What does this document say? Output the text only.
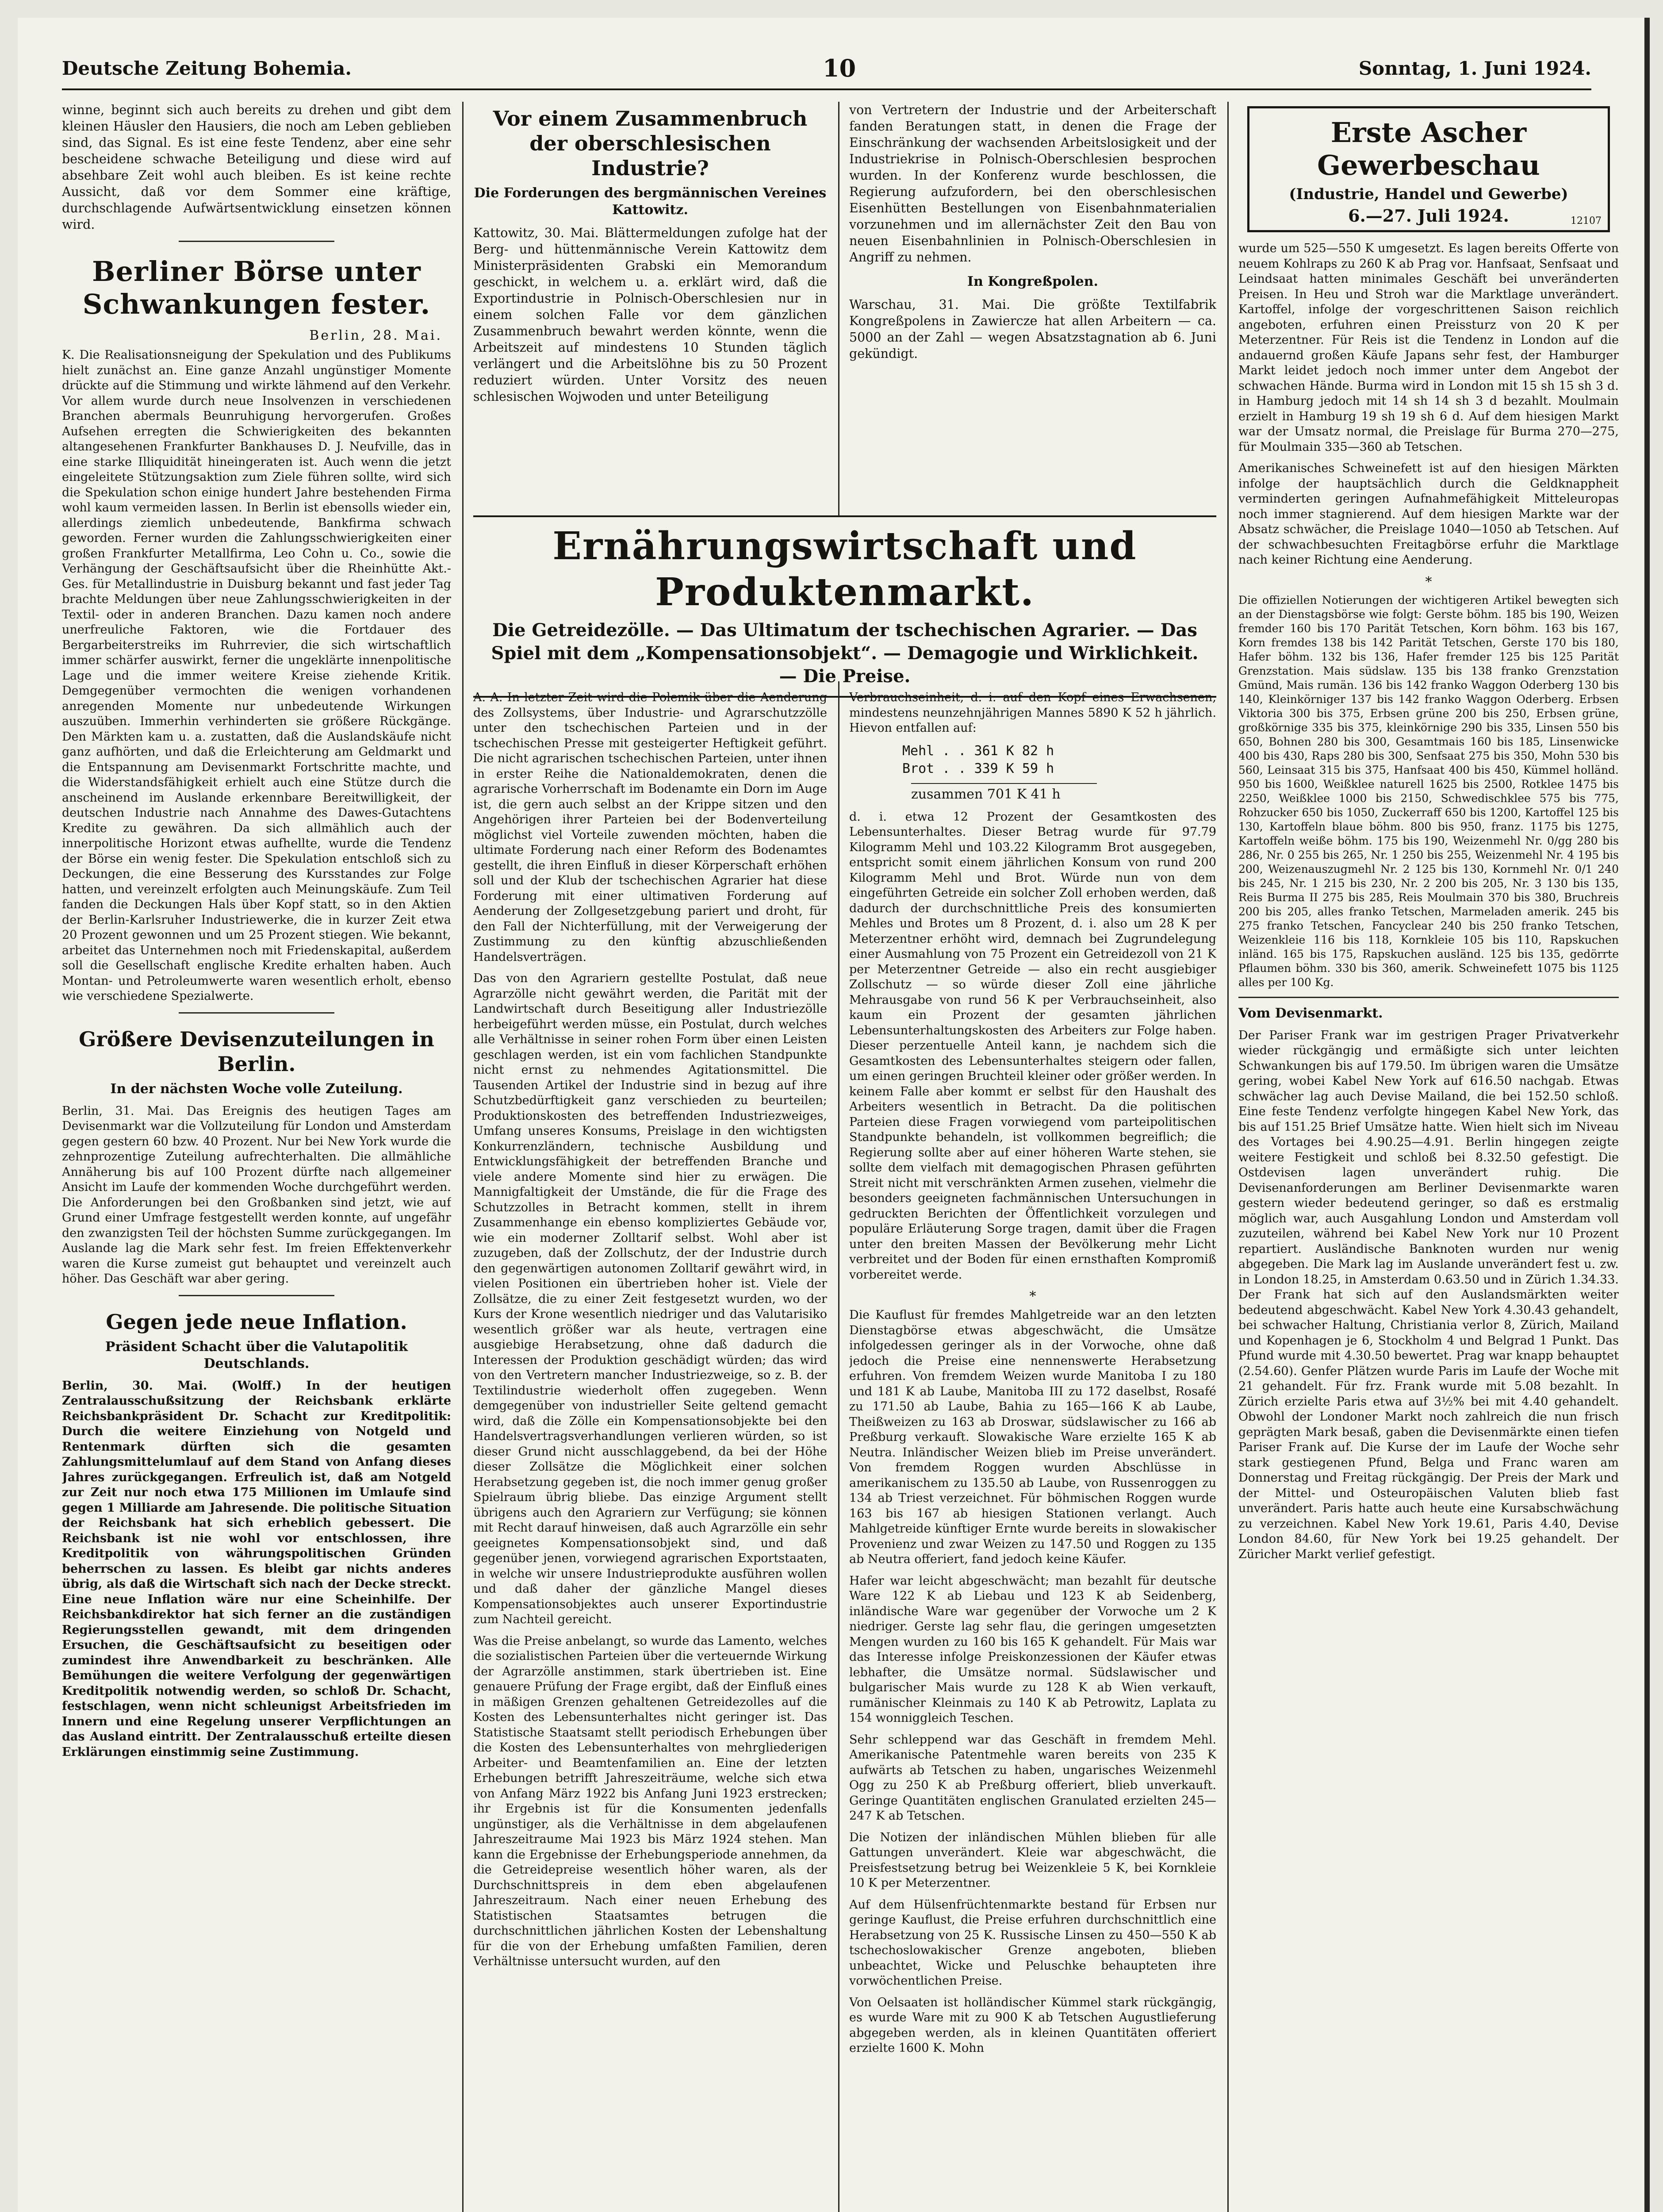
Deutsche Zeitung Bohemia.	10	Sonntag, 1. Juni 1924.

winne, beginnt sich auch bereits zu drehen und gibt dem kleinen Häusler den Hausiers, die noch am Leben geblieben sind, das Signal. Es ist eine feste Tendenz, aber eine sehr bescheidene schwache Beteiligung und diese wird auf absehbare Zeit wohl auch bleiben. Es ist keine rechte Aussicht, daß vor dem Sommer eine kräftige, durchschlagende Aufwärtsentwicklung einsetzen können wird.

Berliner Börse unter Schwankungen fester.
Berlin, 28. Mai.

K. Die Realisationsneigung der Spekulation und des Publikums hielt zunächst an. Eine ganze Anzahl ungünstiger Momente drückte auf die Stimmung und wirkte lähmend auf den Verkehr. Vor allem wurde durch neue Insolvenzen in verschiedenen Branchen abermals Beunruhigung hervorgerufen. Großes Aufsehen erregten die Schwierigkeiten des bekannten altangesehenen Frankfurter Bankhauses D. J. Neufville, das in eine starke Illiquidität hineingeraten ist. Auch wenn die jetzt eingeleitete Stützungsaktion zum Ziele führen sollte, wird sich die Spekulation schon einige hundert Jahre bestehenden Firma wohl kaum vermeiden lassen. In Berlin ist ebensolls wieder ein, allerdings ziemlich unbedeutende, Bankfirma schwach geworden. Ferner wurden die Zahlungsschwierigkeiten einer großen Frankfurter Metallfirma, Leo Cohn u. Co., sowie die Verhängung der Geschäftsaufsicht über die Rheinhütte Akt.-Ges. für Metallindustrie in Duisburg bekannt und fast jeder Tag brachte Meldungen über neue Zahlungsschwierigkeiten in der Textil- oder in anderen Branchen. Dazu kamen noch andere unerfreuliche Faktoren, wie die Fortdauer des Bergarbeiterstreiks im Ruhrrevier, die sich wirtschaftlich immer schärfer auswirkt, ferner die ungeklärte innenpolitische Lage und die immer weitere Kreise ziehende Kritik. Demgegenüber vermochten die wenigen vorhandenen anregenden Momente nur unbedeutende Wirkungen auszuüben. Immerhin verhinderten sie größere Rückgänge. Den Märkten kam u. a. zustatten, daß die Auslandskäufe nicht ganz aufhörten, und daß die Erleichterung am Geldmarkt und die Entspannung am Devisenmarkt Fortschritte machte, und die Widerstandsfähigkeit erhielt auch eine Stütze durch die anscheinend im Auslande erkennbare Bereitwilligkeit, der deutschen Industrie nach Annahme des Dawes-Gutachtens Kredite zu gewähren. Da sich allmählich auch der innerpolitische Horizont etwas aufhellte, wurde die Tendenz der Börse ein wenig fester. Die Spekulation entschloß sich zu Deckungen, die eine Besserung des Kursstandes zur Folge hatten, und vereinzelt erfolgten auch Meinungskäufe. Zum Teil fanden die Deckungen Hals über Kopf statt, so in den Aktien der Berlin-Karlsruher Industriewerke, die in kurzer Zeit etwa 20 Prozent gewonnen und um 25 Prozent stiegen. Wie bekannt, arbeitet das Unternehmen noch mit Friedenskapital, außerdem soll die Gesellschaft englische Kredite erhalten haben. Auch Montan- und Petroleumwerte waren wesentlich erholt, ebenso wie verschiedene Spezialwerte.

Größere Devisenzuteilungen in Berlin.
In der nächsten Woche volle Zuteilung.

Berlin, 31. Mai. Das Ereignis des heutigen Tages am Devisenmarkt war die Vollzuteilung für London und Amsterdam gegen gestern 60 bzw. 40 Prozent. Nur bei New York wurde die zehnprozentige Zuteilung aufrechterhalten. Die allmähliche Annäherung bis auf 100 Prozent dürfte nach allgemeiner Ansicht im Laufe der kommenden Woche durchgeführt werden. Die Anforderungen bei den Großbanken sind jetzt, wie auf Grund einer Umfrage festgestellt werden konnte, auf ungefähr den zwanzigsten Teil der höchsten Summe zurückgegangen. Im Auslande lag die Mark sehr fest. Im freien Effektenverkehr waren die Kurse zumeist gut behauptet und vereinzelt auch höher. Das Geschäft war aber gering.

Gegen jede neue Inflation.
Präsident Schacht über die Valutapolitik Deutschlands.

Berlin, 30. Mai. (Wolff.) In der heutigen Zentralausschußsitzung der Reichsbank erklärte Reichsbankpräsident Dr. Schacht zur Kreditpolitik: Durch die weitere Einziehung von Notgeld und Rentenmark dürften sich die gesamten Zahlungsmittelumlauf auf dem Stand von Anfang dieses Jahres zurückgegangen. Erfreulich ist, daß am Notgeld zur Zeit nur noch etwa 175 Millionen im Umlaufe sind gegen 1 Milliarde am Jahresende. Die politische Situation der Reichsbank hat sich erheblich gebessert. Die Reichsbank ist nie wohl vor entschlossen, ihre Kreditpolitik von währungspolitischen Gründen beherrschen zu lassen. Es bleibt gar nichts anderes übrig, als daß die Wirtschaft sich nach der Decke streckt. Eine neue Inflation wäre nur eine Scheinhilfe. Der Reichsbankdirektor hat sich ferner an die zuständigen Regierungsstellen gewandt, mit dem dringenden Ersuchen, die Geschäftsaufsicht zu beseitigen oder zumindest ihre Anwendbarkeit zu beschränken. Alle Bemühungen die weitere Verfolgung der gegenwärtigen Kreditpolitik notwendig werden, so schloß Dr. Schacht, festschlagen, wenn nicht schleunigst Arbeitsfrieden im Innern und eine Regelung unserer Verpflichtungen an das Ausland eintritt. Der Zentralausschuß erteilte diesen Erklärungen einstimmig seine Zustimmung.

Vor einem Zusammenbruch der oberschlesischen Industrie?
Die Forderungen des bergmännischen Vereines Kattowitz.

Kattowitz, 30. Mai. Blättermeldungen zufolge hat der Berg- und hüttenmännische Verein Kattowitz dem Ministerpräsidenten Grabski ein Memorandum geschickt, in welchem u. a. erklärt wird, daß die Exportindustrie in Polnisch-Oberschlesien nur in einem solchen Falle vor dem gänzlichen Zusammenbruch bewahrt werden könnte, wenn die Arbeitszeit auf mindestens 10 Stunden täglich verlängert und die Arbeitslöhne bis zu 50 Prozent reduziert würden. Unter Vorsitz des neuen schlesischen Wojwoden und unter Beteiligung

von Vertretern der Industrie und der Arbeiterschaft fanden Beratungen statt, in denen die Frage der Einschränkung der wachsenden Arbeitslosigkeit und der Industriekrise in Polnisch-Oberschlesien besprochen wurden. In der Konferenz wurde beschlossen, die Regierung aufzufordern, bei den oberschlesischen Eisenhütten Bestellungen von Eisenbahnmaterialien vorzunehmen und im allernächster Zeit den Bau von neuen Eisenbahnlinien in Polnisch-Oberschlesien in Angriff zu nehmen.

In Kongreßpolen.

Warschau, 31. Mai. Die größte Textilfabrik Kongreßpolens in Zawiercze hat allen Arbeitern — ca. 5000 an der Zahl — wegen Absatzstagnation ab 6. Juni gekündigt.

Ernährungswirtschaft und Produktenmarkt.
Die Getreidezölle. — Das Ultimatum der tschechischen Agrarier. — Das Spiel mit dem „Kompensationsobjekt“. — Demagogie und Wirklichkeit. — Die Preise.

A. A. In letzter Zeit wird die Polemik über die Aenderung des Zollsystems, über Industrie- und Agrarschutzzölle unter den tschechischen Parteien und in der tschechischen Presse mit gesteigerter Heftigkeit geführt. Die nicht agrarischen tschechischen Parteien, unter ihnen in erster Reihe die Nationaldemokraten, denen die agrarische Vorherrschaft im Bodenamte ein Dorn im Auge ist, die gern auch selbst an der Krippe sitzen und den Angehörigen ihrer Parteien bei der Bodenverteilung möglichst viel Vorteile zuwenden möchten, haben die ultimate Forderung nach einer Reform des Bodenamtes gestellt, die ihren Einfluß in dieser Körperschaft erhöhen soll und der Klub der tschechischen Agrarier hat diese Forderung mit einer ultimativen Forderung auf Aenderung der Zollgesetzgebung pariert und droht, für den Fall der Nichterfüllung, mit der Verweigerung der Zustimmung zu den künftig abzuschließenden Handelsverträgen.

Das von den Agrariern gestellte Postulat, daß neue Agrarzölle nicht gewährt werden, die Parität mit der Landwirtschaft durch Beseitigung aller Industriezölle herbeigeführt werden müsse, ein Postulat, durch welches alle Verhältnisse in seiner rohen Form über einen Leisten geschlagen werden, ist ein vom fachlichen Standpunkte nicht ernst zu nehmendes Agitationsmittel. Die Tausenden Artikel der Industrie sind in bezug auf ihre Schutzbedürftigkeit ganz verschieden zu beurteilen; Produktionskosten des betreffenden Industriezweiges, Umfang unseres Konsums, Preislage in den wichtigsten Konkurrenzländern, technische Ausbildung und Entwicklungsfähigkeit der betreffenden Branche und viele andere Momente sind hier zu erwägen. Die Mannigfaltigkeit der Umstände, die für die Frage des Schutzzolles in Betracht kommen, stellt in ihrem Zusammenhange ein ebenso kompliziertes Gebäude vor, wie ein moderner Zolltarif selbst. Wohl aber ist zuzugeben, daß der Zollschutz, der der Industrie durch den gegenwärtigen autonomen Zolltarif gewährt wird, in vielen Positionen ein übertrieben hoher ist. Viele der Zollsätze, die zu einer Zeit festgesetzt wurden, wo der Kurs der Krone wesentlich niedriger und das Valutarisiko wesentlich größer war als heute, vertragen eine ausgiebige Herabsetzung, ohne daß dadurch die Interessen der Produktion geschädigt würden; das wird von den Vertretern mancher Industriezweige, so z. B. der Textilindustrie wiederholt offen zugegeben. Wenn demgegenüber von industrieller Seite geltend gemacht wird, daß die Zölle ein Kompensationsobjekte bei den Handelsvertragsverhandlungen verlieren würden, so ist dieser Grund nicht ausschlaggebend, da bei der Höhe dieser Zollsätze die Möglichkeit einer solchen Herabsetzung gegeben ist, die noch immer genug großer Spielraum übrig bliebe. Das einzige Argument stellt übrigens auch den Agrariern zur Verfügung; sie können mit Recht darauf hinweisen, daß auch Agrarzölle ein sehr geeignetes Kompensationsobjekt sind, und daß gegenüber jenen, vorwiegend agrarischen Exportstaaten, in welche wir unsere Industrieprodukte ausführen wollen und daß daher der gänzliche Mangel dieses Kompensationsobjektes auch unserer Exportindustrie zum Nachteil gereicht.

Was die Preise anbelangt, so wurde das Lamento, welches die sozialistischen Parteien über die verteuernde Wirkung der Agrarzölle anstimmen, stark übertrieben ist. Eine genauere Prüfung der Frage ergibt, daß der Einfluß eines in mäßigen Grenzen gehaltenen Getreidezolles auf die Kosten des Lebensunterhaltes nicht geringer ist. Das Statistische Staatsamt stellt periodisch Erhebungen über die Kosten des Lebensunterhaltes von mehrgliederigen Arbeiter- und Beamtenfamilien an. Eine der letzten Erhebungen betrifft Jahreszeiträume, welche sich etwa von Anfang März 1922 bis Anfang Juni 1923 erstrecken; ihr Ergebnis ist für die Konsumenten jedenfalls ungünstiger, als die Verhältnisse in dem abgelaufenen Jahreszeitraume Mai 1923 bis März 1924 stehen. Man kann die Ergebnisse der Erhebungsperiode annehmen, da die Getreidepreise wesentlich höher waren, als der Durchschnittspreis in dem eben abgelaufenen Jahreszeitraum. Nach einer neuen Erhebung des Statistischen Staatsamtes betrugen die durchschnittlichen jährlichen Kosten der Lebenshaltung für die von der Erhebung umfaßten Familien, deren Verhältnisse untersucht wurden, auf den

Verbrauchseinheit, d. i. auf den Kopf eines Erwachsenen, mindestens neunzehnjährigen Mannes 5890 K 52 h jährlich. Hievon entfallen auf:

Mehl . . 361 K 82 h
Brot . . 339 K 59 h
zusammen 701 K 41 h

d. i. etwa 12 Prozent der Gesamtkosten des Lebensunterhaltes. Dieser Betrag wurde für 97.79 Kilogramm Mehl und 103.22 Kilogramm Brot ausgegeben, entspricht somit einem jährlichen Konsum von rund 200 Kilogramm Mehl und Brot. Würde nun von dem eingeführten Getreide ein solcher Zoll erhoben werden, daß dadurch der durchschnittliche Preis des konsumierten Mehles und Brotes um 8 Prozent, d. i. also um 28 K per Meterzentner erhöht wird, demnach bei Zugrundelegung einer Ausmahlung von 75 Prozent ein Getreidezoll von 21 K per Meterzentner Getreide — also ein recht ausgiebiger Zollschutz — so würde dieser Zoll eine jährliche Mehrausgabe von rund 56 K per Verbrauchseinheit, also kaum ein Prozent der gesamten jährlichen Lebensunterhaltungskosten des Arbeiters zur Folge haben. Dieser perzentuelle Anteil kann, je nachdem sich die Gesamtkosten des Lebensunterhaltes steigern oder fallen, um einen geringen Bruchteil kleiner oder größer werden. In keinem Falle aber kommt er selbst für den Haushalt des Arbeiters wesentlich in Betracht. Da die politischen Parteien diese Fragen vorwiegend vom parteipolitischen Standpunkte behandeln, ist vollkommen begreiflich; die Regierung sollte aber auf einer höheren Warte stehen, sie sollte dem vielfach mit demagogischen Phrasen geführten Streit nicht mit verschränkten Armen zusehen, vielmehr die besonders geeigneten fachmännischen Untersuchungen in gedruckten Berichten der Öffentlichkeit vorzulegen und populäre Erläuterung Sorge tragen, damit über die Fragen unter den breiten Massen der Bevölkerung mehr Licht verbreitet und der Boden für einen ernsthaften Kompromiß vorbereitet werde.

*

Die Kauflust für fremdes Mahlgetreide war an den letzten Dienstagbörse etwas abgeschwächt, die Umsätze infolgedessen geringer als in der Vorwoche, ohne daß jedoch die Preise eine nennenswerte Herabsetzung erfuhren. Von fremdem Weizen wurde Manitoba I zu 180 und 181 K ab Laube, Manitoba III zu 172 daselbst, Rosafé zu 171.50 ab Laube, Bahia zu 165—166 K ab Laube, Theißweizen zu 163 ab Droswar, südslawischer zu 166 ab Preßburg verkauft. Slowakische Ware erzielte 165 K ab Neutra. Inländischer Weizen blieb im Preise unverändert. Von fremdem Roggen wurden Abschlüsse in amerikanischem zu 135.50 ab Laube, von Russenroggen zu 134 ab Triest verzeichnet. Für böhmischen Roggen wurde 163 bis 167 ab hiesigen Stationen verlangt. Auch Mahlgetreide künftiger Ernte wurde bereits in slowakischer Provenienz und zwar Weizen zu 147.50 und Roggen zu 135 ab Neutra offeriert, fand jedoch keine Käufer.

Hafer war leicht abgeschwächt; man bezahlt für deutsche Ware 122 K ab Liebau und 123 K ab Seidenberg, inländische Ware war gegenüber der Vorwoche um 2 K niedriger. Gerste lag sehr flau, die geringen umgesetzten Mengen wurden zu 160 bis 165 K gehandelt. Für Mais war das Interesse infolge Preiskonzessionen der Käufer etwas lebhafter, die Umsätze normal. Südslawischer und bulgarischer Mais wurde zu 128 K ab Wien verkauft, rumänischer Kleinmais zu 140 K ab Petrowitz, Laplata zu 154 wonniggleich Teschen.

Sehr schleppend war das Geschäft in fremdem Mehl. Amerikanische Patentmehle waren bereits von 235 K aufwärts ab Tetschen zu haben, ungarisches Weizenmehl Ogg zu 250 K ab Preßburg offeriert, blieb unverkauft. Geringe Quantitäten englischen Granulated erzielten 245—247 K ab Tetschen.

Die Notizen der inländischen Mühlen blieben für alle Gattungen unverändert. Kleie war abgeschwächt, die Preisfestsetzung betrug bei Weizenkleie 5 K, bei Kornkleie 10 K per Meterzentner.

Auf dem Hülsenfrüchtenmarkte bestand für Erbsen nur geringe Kauflust, die Preise erfuhren durchschnittlich eine Herabsetzung von 25 K. Russische Linsen zu 450—550 K ab tschechoslowakischer Grenze angeboten, blieben unbeachtet, Wicke und Peluschke behaupteten ihre vorwöchentlichen Preise.

Von Oelsaaten ist holländischer Kümmel stark rückgängig, es wurde Ware mit zu 900 K ab Tetschen Augustlieferung abgegeben werden, als in kleinen Quantitäten offeriert erzielte 1600 K. Mohn

Erste Ascher Gewerbeschau
(Industrie, Handel und Gewerbe)
6.—27. Juli 1924.	12107

wurde um 525—550 K umgesetzt. Es lagen bereits Offerte von neuem Kohlraps zu 260 K ab Prag vor. Hanfsaat, Senfsaat und Leindsaat hatten minimales Geschäft bei unveränderten Preisen. In Heu und Stroh war die Marktlage unverändert. Kartoffel, infolge der vorgeschrittenen Saison reichlich angeboten, erfuhren einen Preissturz von 20 K per Meterzentner. Für Reis ist die Tendenz in London auf die andauernd großen Käufe Japans sehr fest, der Hamburger Markt leidet jedoch noch immer unter dem Angebot der schwachen Hände. Burma wird in London mit 15 sh 15 sh 3 d. in Hamburg jedoch mit 14 sh 14 sh 3 d bezahlt. Moulmain erzielt in Hamburg 19 sh 19 sh 6 d. Auf dem hiesigen Markt war der Umsatz normal, die Preislage für Burma 270—275, für Moulmain 335—360 ab Tetschen.

Amerikanisches Schweinefett ist auf den hiesigen Märkten infolge der hauptsächlich durch die Geldknappheit verminderten geringen Aufnahmefähigkeit Mitteleuropas noch immer stagnierend. Auf dem hiesigen Markte war der Absatz schwächer, die Preislage 1040—1050 ab Tetschen. Auf der schwachbesuchten Freitagbörse erfuhr die Marktlage nach keiner Richtung eine Aenderung.

*

Die offiziellen Notierungen der wichtigeren Artikel bewegten sich an der Dienstagsbörse wie folgt: Gerste böhm. 185 bis 190, Weizen fremder 160 bis 170 Parität Tetschen, Korn böhm. 163 bis 167, Korn fremdes 138 bis 142 Parität Tetschen, Gerste 170 bis 180, Hafer böhm. 132 bis 136, Hafer fremder 125 bis 125 Parität Grenzstation. Mais südslaw. 135 bis 138 franko Grenzstation Gmünd, Mais rumän. 136 bis 142 franko Waggon Oderberg 130 bis 140, Kleinkörniger 137 bis 142 franko Waggon Oderberg. Erbsen Viktoria 300 bis 375, Erbsen grüne 200 bis 250, Erbsen grüne, großkörnige 335 bis 375, kleinkörnige 290 bis 335, Linsen 550 bis 650, Bohnen 280 bis 300, Gesamtmais 160 bis 185, Linsenwicke 400 bis 430, Raps 280 bis 300, Senfsaat 275 bis 350, Mohn 530 bis 560, Leinsaat 315 bis 375, Hanfsaat 400 bis 450, Kümmel holländ. 950 bis 1600, Weißklee naturell 1625 bis 2500, Rotklee 1475 bis 2250, Weißklee 1000 bis 2150, Schwedischklee 575 bis 775, Rohzucker 650 bis 1050, Zuckerraff 650 bis 1200, Kartoffel 125 bis 130, Kartoffeln blaue böhm. 800 bis 950, franz. 1175 bis 1275, Kartoffeln weiße böhm. 175 bis 190, Weizenmehl Nr. 0/gg 280 bis 286, Nr. 0 255 bis 265, Nr. 1 250 bis 255, Weizenmehl Nr. 4 195 bis 200, Weizenauszugmehl Nr. 2 125 bis 130, Kornmehl Nr. 0/1 240 bis 245, Nr. 1 215 bis 230, Nr. 2 200 bis 205, Nr. 3 130 bis 135, Reis Burma II 275 bis 285, Reis Moulmain 370 bis 380, Bruchreis 200 bis 205, alles franko Tetschen, Marmeladen amerik. 245 bis 275 franko Tetschen, Fancyclear 240 bis 250 franko Tetschen, Weizenkleie 116 bis 118, Kornkleie 105 bis 110, Rapskuchen inländ. 165 bis 175, Rapskuchen ausländ. 125 bis 135, gedörrte Pflaumen böhm. 330 bis 360, amerik. Schweinefett 1075 bis 1125 alles per 100 Kg.

Vom Devisenmarkt.

Der Pariser Frank war im gestrigen Prager Privatverkehr wieder rückgängig und ermäßigte sich unter leichten Schwankungen bis auf 179.50. Im übrigen waren die Umsätze gering, wobei Kabel New York auf 616.50 nachgab. Etwas schwächer lag auch Devise Mailand, die bei 152.50 schloß. Eine feste Tendenz verfolgte hingegen Kabel New York, das bis auf 151.25 Brief Umsätze hatte. Wien hielt sich im Niveau des Vortages bei 4.90.25—4.91. Berlin hingegen zeigte weitere Festigkeit und schloß bei 8.32.50 gefestigt. Die Ostdevisen lagen unverändert ruhig. Die Devisenanforderungen am Berliner Devisenmarkte waren gestern wieder bedeutend geringer, so daß es erstmalig möglich war, auch Ausgahlung London und Amsterdam voll zuzuteilen, während bei Kabel New York nur 10 Prozent repartiert. Ausländische Banknoten wurden nur wenig abgegeben. Die Mark lag im Auslande unverändert fest u. zw. in London 18.25, in Amsterdam 0.63.50 und in Zürich 1.34.33. Der Frank hat sich auf den Auslandsmärkten weiter bedeutend abgeschwächt. Kabel New York 4.30.43 gehandelt, bei schwacher Haltung, Christiania verlor 8, Zürich, Mailand und Kopenhagen je 6, Stockholm 4 und Belgrad 1 Punkt. Das Pfund wurde mit 4.30.50 bewertet. Prag war knapp behauptet (2.54.60). Genfer Plätzen wurde Paris im Laufe der Woche mit 21 gehandelt. Für frz. Frank wurde mit 5.08 bezahlt. In Zürich erzielte Paris etwa auf 3½% bei mit 4.40 gehandelt. Obwohl der Londoner Markt noch zahlreich die nun frisch geprägten Mark besaß, gaben die Devisenmärkte einen tiefen Pariser Frank auf. Die Kurse der im Laufe der Woche sehr stark gestiegenen Pfund, Belga und Franc waren am Donnerstag und Freitag rückgängig. Der Preis der Mark und der Mittel- und Osteuropäischen Valuten blieb fast unverändert. Paris hatte auch heute eine Kursabschwächung zu verzeichnen. Kabel New York 19.61, Paris 4.40, Devise London 84.60, für New York bei 19.25 gehandelt. Der Züricher Markt verlief gefestigt.
